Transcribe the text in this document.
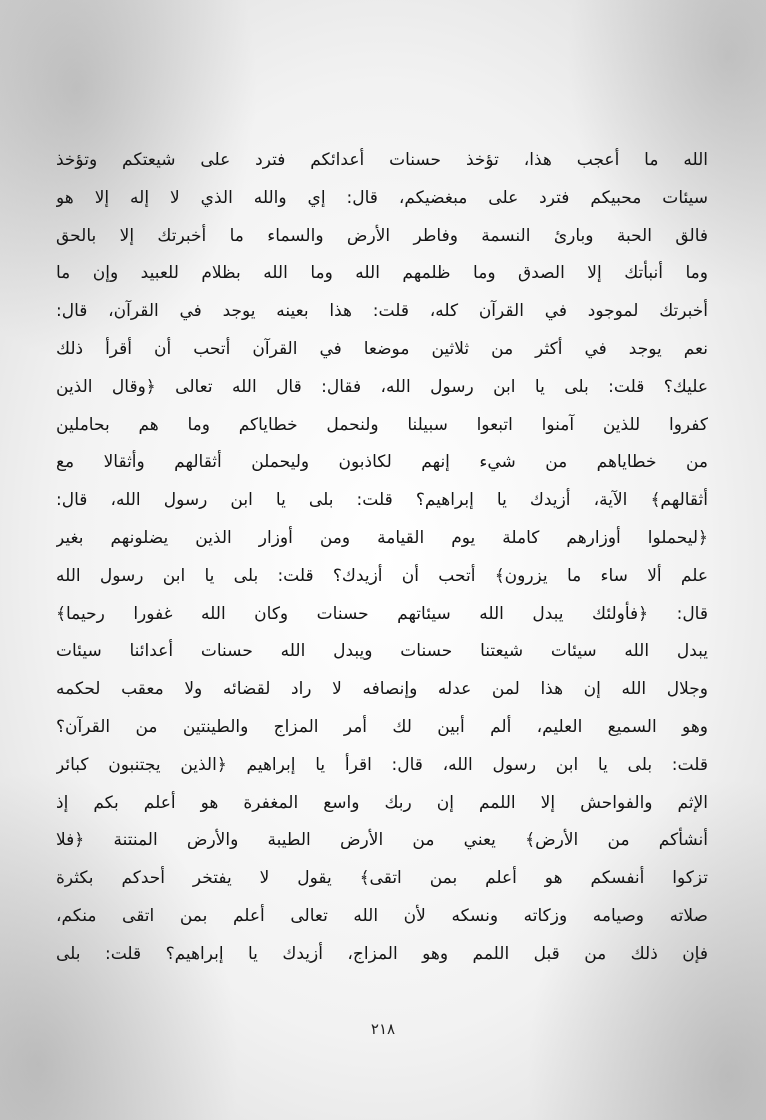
الله ما أعجب هذا، تؤخذ حسنات أعدائكم فترد على شيعتكم وتؤخذ
سيئات محبيكم فترد على مبغضيكم، قال: إي والله الذي لا إله إلا هو
فالق الحبة وبارئ النسمة وفاطر الأرض والسماء ما أخبرتك إلا بالحق
وما أنبأتك إلا الصدق وما ظلمهم الله وما الله بظلام للعبيد وإن ما
أخبرتك لموجود في القرآن كله، قلت: هذا بعينه يوجد في القرآن، قال:
نعم يوجد في أكثر من ثلاثين موضعا في القرآن أتحب أن أقرأ ذلك
عليك؟ قلت: بلى يا ابن رسول الله، فقال: قال الله تعالى ﴿وقال الذين
كفروا للذين آمنوا اتبعوا سبيلنا ولنحمل خطاياكم وما هم بحاملين
من خطاياهم من شيء إنهم لكاذبون وليحملن أثقالهم وأثقالا مع
أثقالهم﴾ الآية، أزيدك يا إبراهيم؟ قلت: بلى يا ابن رسول الله، قال:
﴿ليحملوا أوزارهم كاملة يوم القيامة ومن أوزار الذين يضلونهم بغير
علم ألا ساء ما يزرون﴾ أتحب أن أزيدك؟ قلت: بلى يا ابن رسول الله
قال: ﴿فأولئك يبدل الله سيئاتهم حسنات وكان الله غفورا رحيما﴾
يبدل الله سيئات شيعتنا حسنات ويبدل الله حسنات أعدائنا سيئات
وجلال الله إن هذا لمن عدله وإنصافه لا راد لقضائه ولا معقب لحكمه
وهو السميع العليم، ألم أبين لك أمر المزاج والطينتين من القرآن؟
قلت: بلى يا ابن رسول الله، قال: اقرأ يا إبراهيم ﴿الذين يجتنبون كبائر
الإثم والفواحش إلا اللمم إن ربك واسع المغفرة هو أعلم بكم إذ
أنشأكم من الأرض﴾ يعني من الأرض الطيبة والأرض المنتنة ﴿فلا
تزكوا أنفسكم هو أعلم بمن اتقى﴾ يقول لا يفتخر أحدكم بكثرة
صلاته وصيامه وزكاته ونسكه لأن الله تعالى أعلم بمن اتقى منكم،
فإن ذلك من قبل اللمم وهو المزاج، أزيدك يا إبراهيم؟ قلت: بلى
٢١٨
